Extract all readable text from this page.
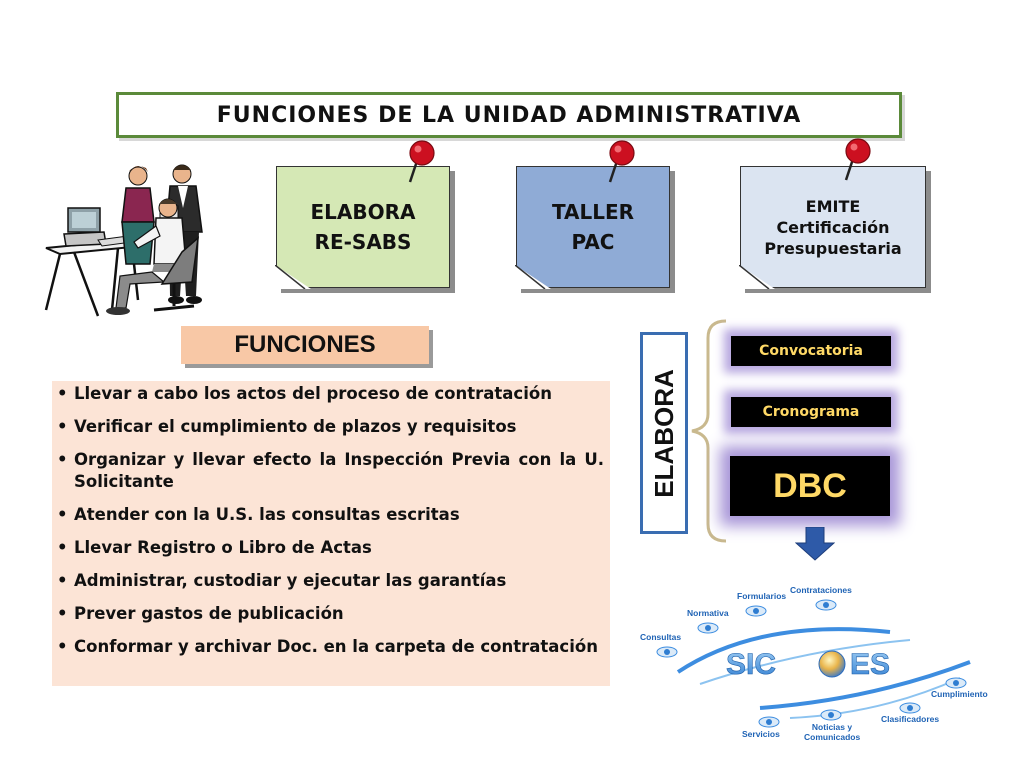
FUNCIONES DE LA UNIDAD ADMINISTRATIVA
ELABORA
RE-SABS
TALLER
PAC
EMITE
Certificación
Presupuestaria
FUNCIONES
• Llevar a cabo los actos del proceso de contratación
• Verificar el cumplimiento de plazos y requisitos
• Organizar y llevar efecto la Inspección Previa con la U. Solicitante
• Atender con la U.S. las consultas escritas
• Llevar Registro o Libro de Actas
• Administrar, custodiar y ejecutar las garantías
• Prever gastos de publicación
• Conformar y archivar Doc. en la carpeta de contratación
ELABORA
Convocatoria
Cronograma
DBC
SIC ES
Formularios
Contrataciones
Normativa
Consultas
Cumplimiento
Clasificadores
Servicios
Noticias y Comunicados
